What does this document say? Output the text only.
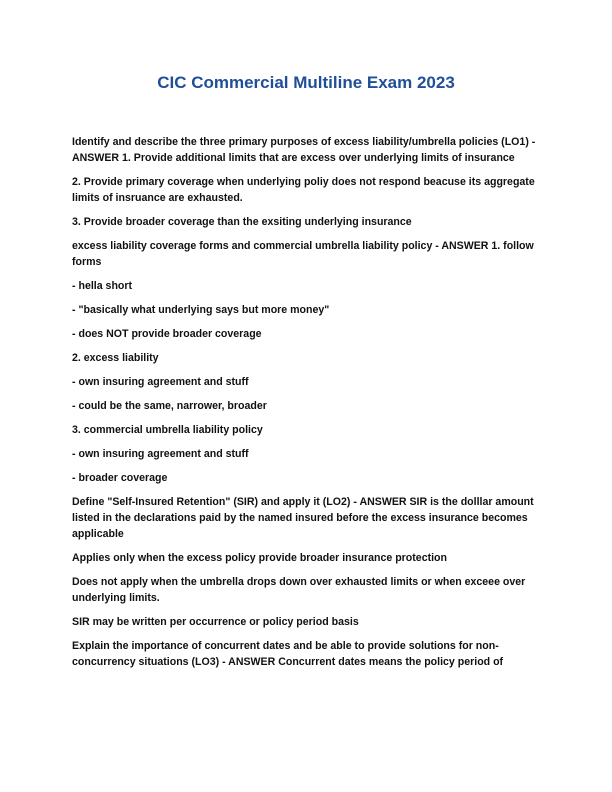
CIC Commercial Multiline Exam 2023

Identify and describe the three primary purposes of excess liability/umbrella policies (LO1) - ANSWER 1. Provide additional limits that are excess over underlying limits of insurance

2. Provide primary coverage when underlying poliy does not respond beacuse its aggregate limits of insruance are exhausted.

3. Provide broader coverage than the exsiting underlying insurance

excess liability coverage forms and commercial umbrella liability policy - ANSWER 1. follow forms

- hella short

- "basically what underlying says but more money"

- does NOT provide broader coverage

2. excess liability

- own insuring agreement and stuff

- could be the same, narrower, broader

3. commercial umbrella liability policy

- own insuring agreement and stuff

- broader coverage

Define "Self-Insured Retention" (SIR) and apply it (LO2) - ANSWER SIR is the dolllar amount listed in the declarations paid by the named insured before the excess insurance becomes applicable

Applies only when the excess policy provide broader insurance protection

Does not apply when the umbrella drops down over exhausted limits or when exceee over underlying limits.

SIR may be written per occurrence or policy period basis

Explain the importance of concurrent dates and be able to provide solutions for non-concurrency situations (LO3) - ANSWER Concurrent dates means the policy period of
